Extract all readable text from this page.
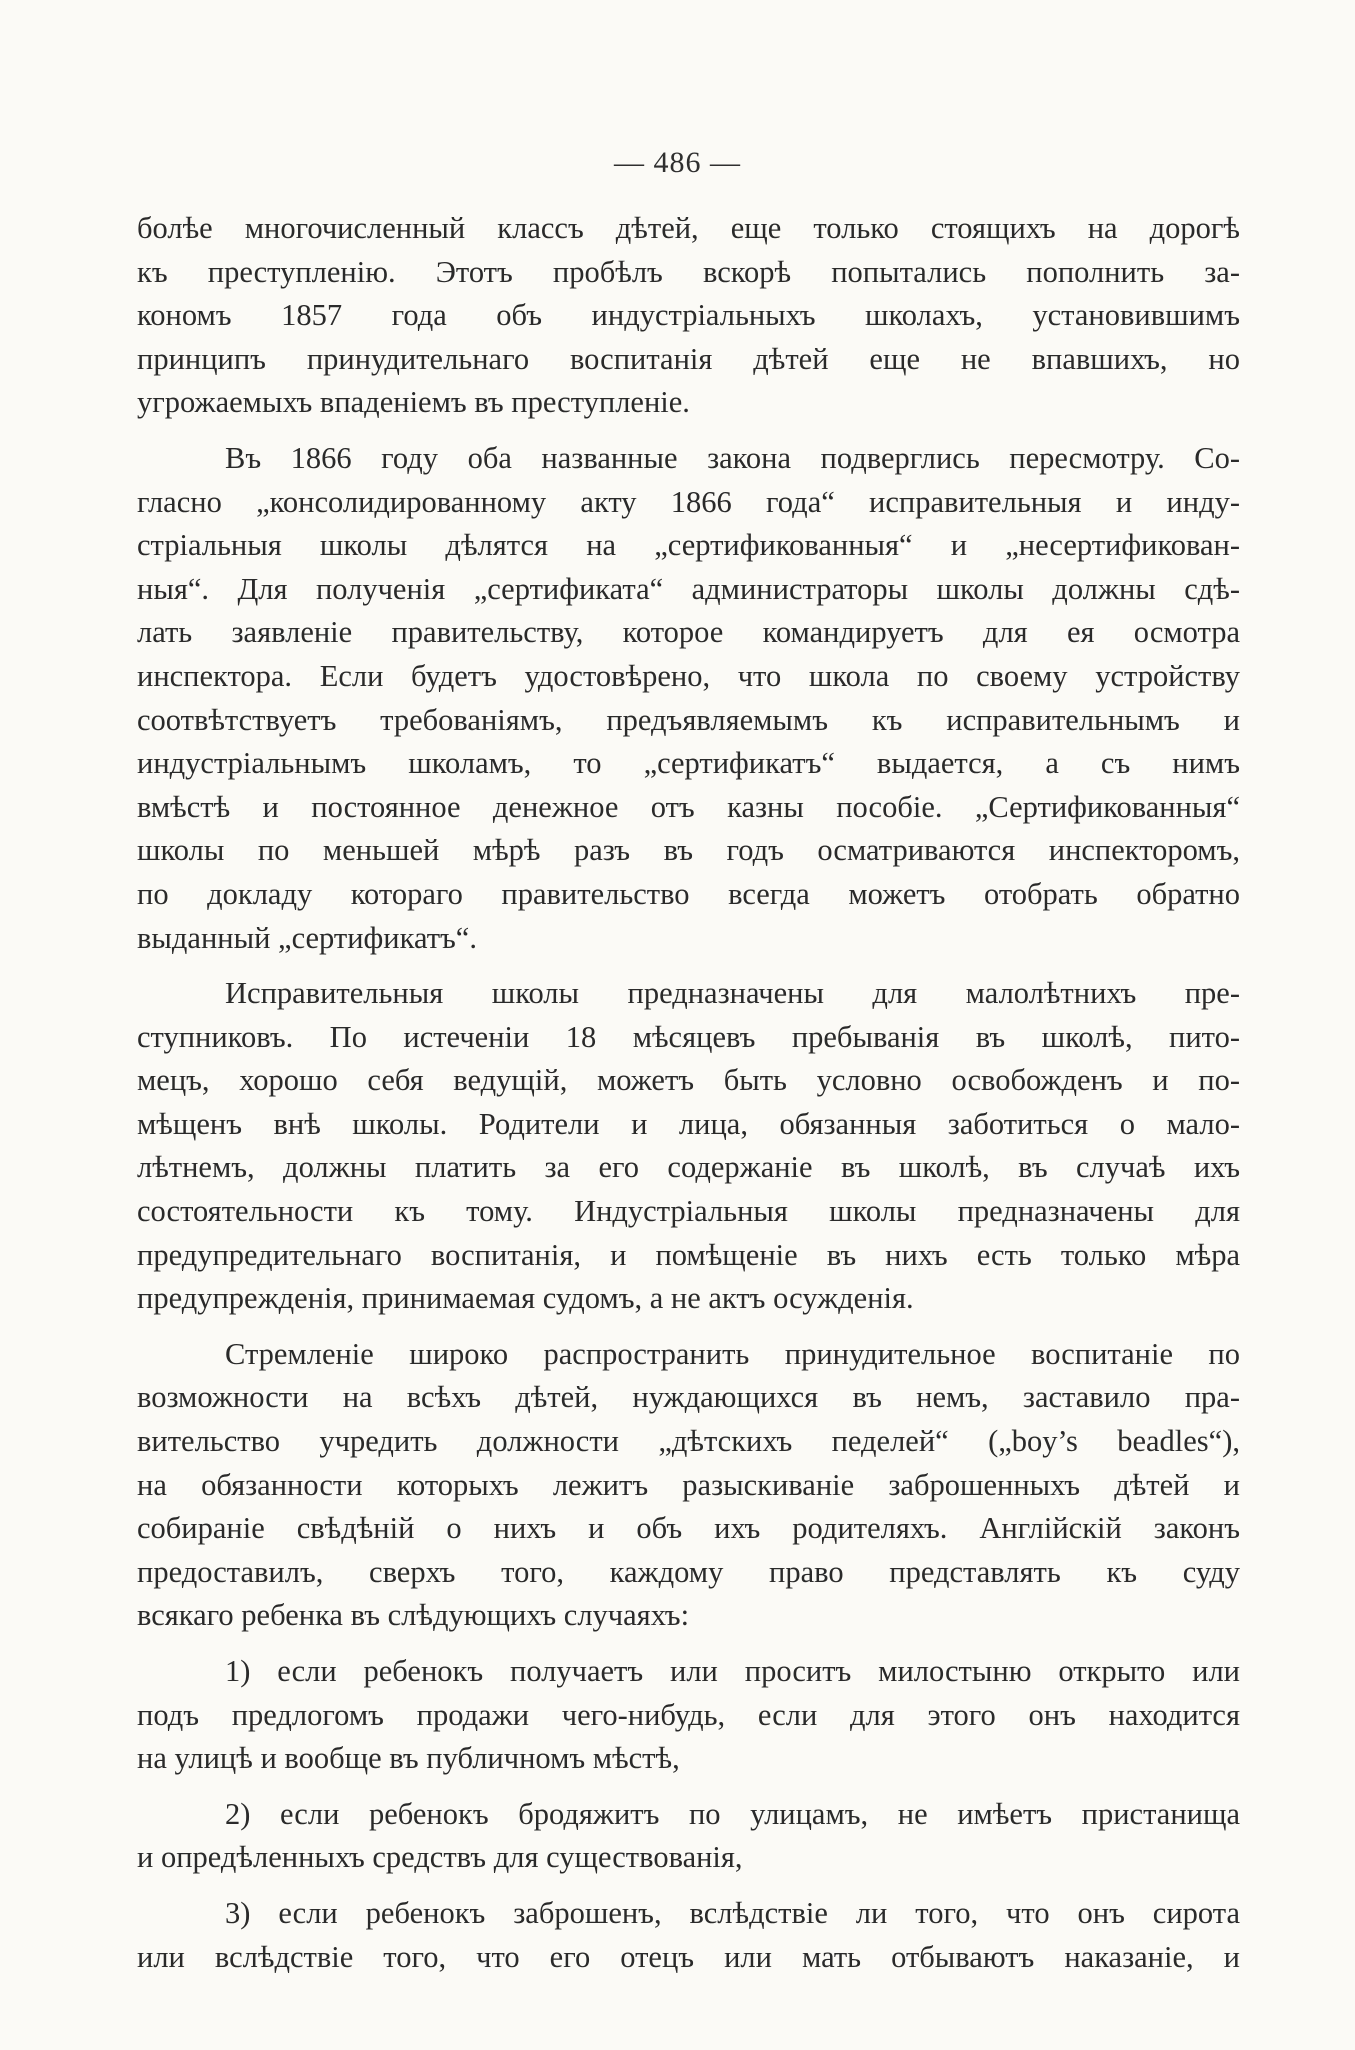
— 486 —
болѣе многочисленный классъ дѣтей, еще только стоящихъ на дорогѣ
къ преступленію. Этотъ пробѣлъ вскорѣ попытались пополнить за-
кономъ 1857 года объ индустріальныхъ школахъ, установившимъ
принципъ принудительнаго воспитанія дѣтей еще не впавшихъ, но
угрожаемыхъ впаденіемъ въ преступленіе.
Въ 1866 году оба названные закона подверглись пересмотру. Со-
гласно „консолидированному акту 1866 года“ исправительныя и инду-
стріальныя школы дѣлятся на „сертификованныя“ и „несертификован-
ныя“. Для полученія „сертификата“ администраторы школы должны сдѣ-
лать заявленіе правительству, которое командируетъ для ея осмотра
инспектора. Если будетъ удостовѣрено, что школа по своему устройству
соотвѣтствуетъ требованіямъ, предъявляемымъ къ исправительнымъ и
индустріальнымъ школамъ, то „сертификатъ“ выдается, а съ нимъ
вмѣстѣ и постоянное денежное отъ казны пособіе. „Сертификованныя“
школы по меньшей мѣрѣ разъ въ годъ осматриваются инспекторомъ,
по докладу котораго правительство всегда можетъ отобрать обратно
выданный „сертификатъ“.
Исправительныя школы предназначены для малолѣтнихъ пре-
ступниковъ. По истеченіи 18 мѣсяцевъ пребыванія въ школѣ, пито-
мецъ, хорошо себя ведущій, можетъ быть условно освобожденъ и по-
мѣщенъ внѣ школы. Родители и лица, обязанныя заботиться о мало-
лѣтнемъ, должны платить за его содержаніе въ школѣ, въ случаѣ ихъ
состоятельности къ тому. Индустріальныя школы предназначены для
предупредительнаго воспитанія, и помѣщеніе въ нихъ есть только мѣра
предупрежденія, принимаемая судомъ, а не актъ осужденія.
Стремленіе широко распространить принудительное воспитаніе по
возможности на всѣхъ дѣтей, нуждающихся въ немъ, заставило пра-
вительство учредить должности „дѣтскихъ педелей“ („boy’s beadles“),
на обязанности которыхъ лежитъ разыскиваніе заброшенныхъ дѣтей и
собираніе свѣдѣній о нихъ и объ ихъ родителяхъ. Англійскій законъ
предоставилъ, сверхъ того, каждому право представлять къ суду
всякаго ребенка въ слѣдующихъ случаяхъ:
1) если ребенокъ получаетъ или проситъ милостыню открыто или
подъ предлогомъ продажи чего-нибудь, если для этого онъ находится
на улицѣ и вообще въ публичномъ мѣстѣ,
2) если ребенокъ бродяжитъ по улицамъ, не имѣетъ пристанища
и опредѣленныхъ средствъ для существованія,
3) если ребенокъ заброшенъ, вслѣдствіе ли того, что онъ сирота
или вслѣдствіе того, что его отецъ или мать отбываютъ наказаніе, и
